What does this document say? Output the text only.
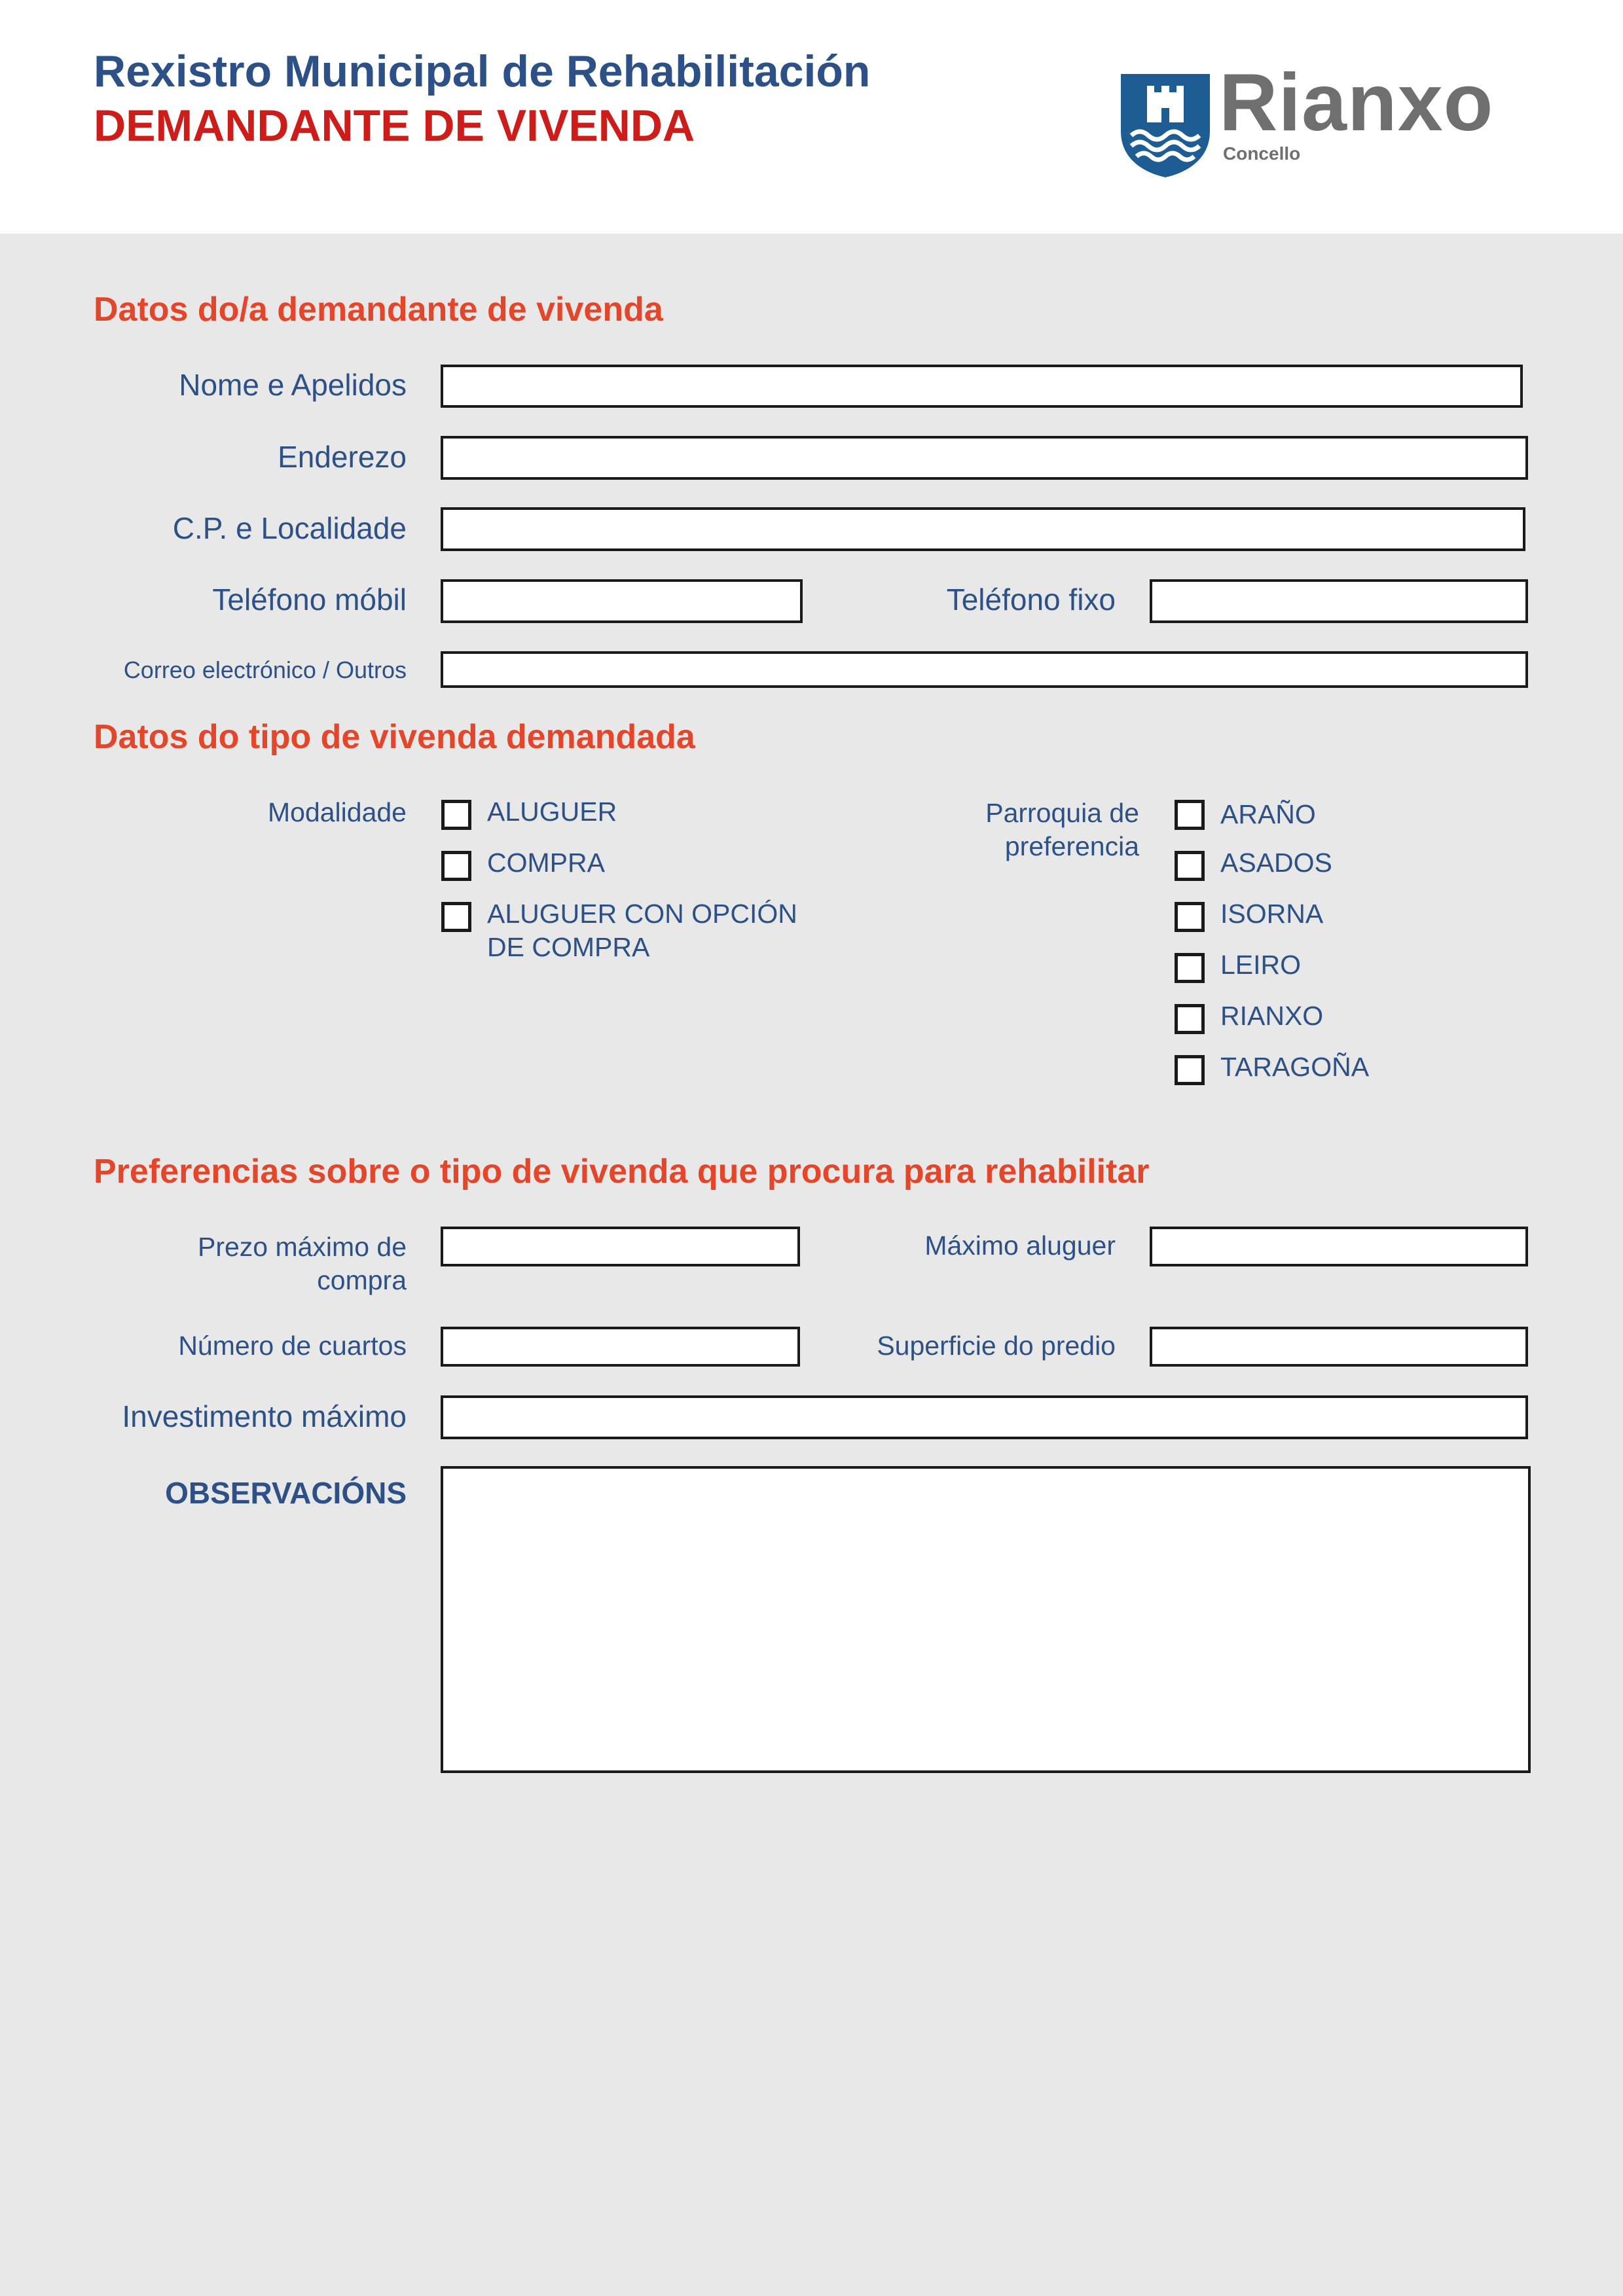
Rexistro Municipal de Rehabilitación
DEMANDANTE DE VIVENDA	Rianxo
Concello
Datos do/a demandante de vivenda
Nome e Apelidos
Enderezo
C.P. e Localidade
Teléfono móbil	Teléfono fixo
Correo electrónico / Outros
Datos do tipo de vivenda demandada
Modalidade	ALUGUER
COMPRA
ALUGUER CON OPCIÓN DE COMPRA
Parroquia de preferencia
ARAÑO
ASADOS
ISORNA
LEIRO
RIANXO
TARAGOÑA
Preferencias sobre o tipo de vivenda que procura para rehabilitar
Prezo máximo de compra
Máximo aluguer
Número de cuartos	Superficie do predio
Investimento máximo
OBSERVACIÓNS
